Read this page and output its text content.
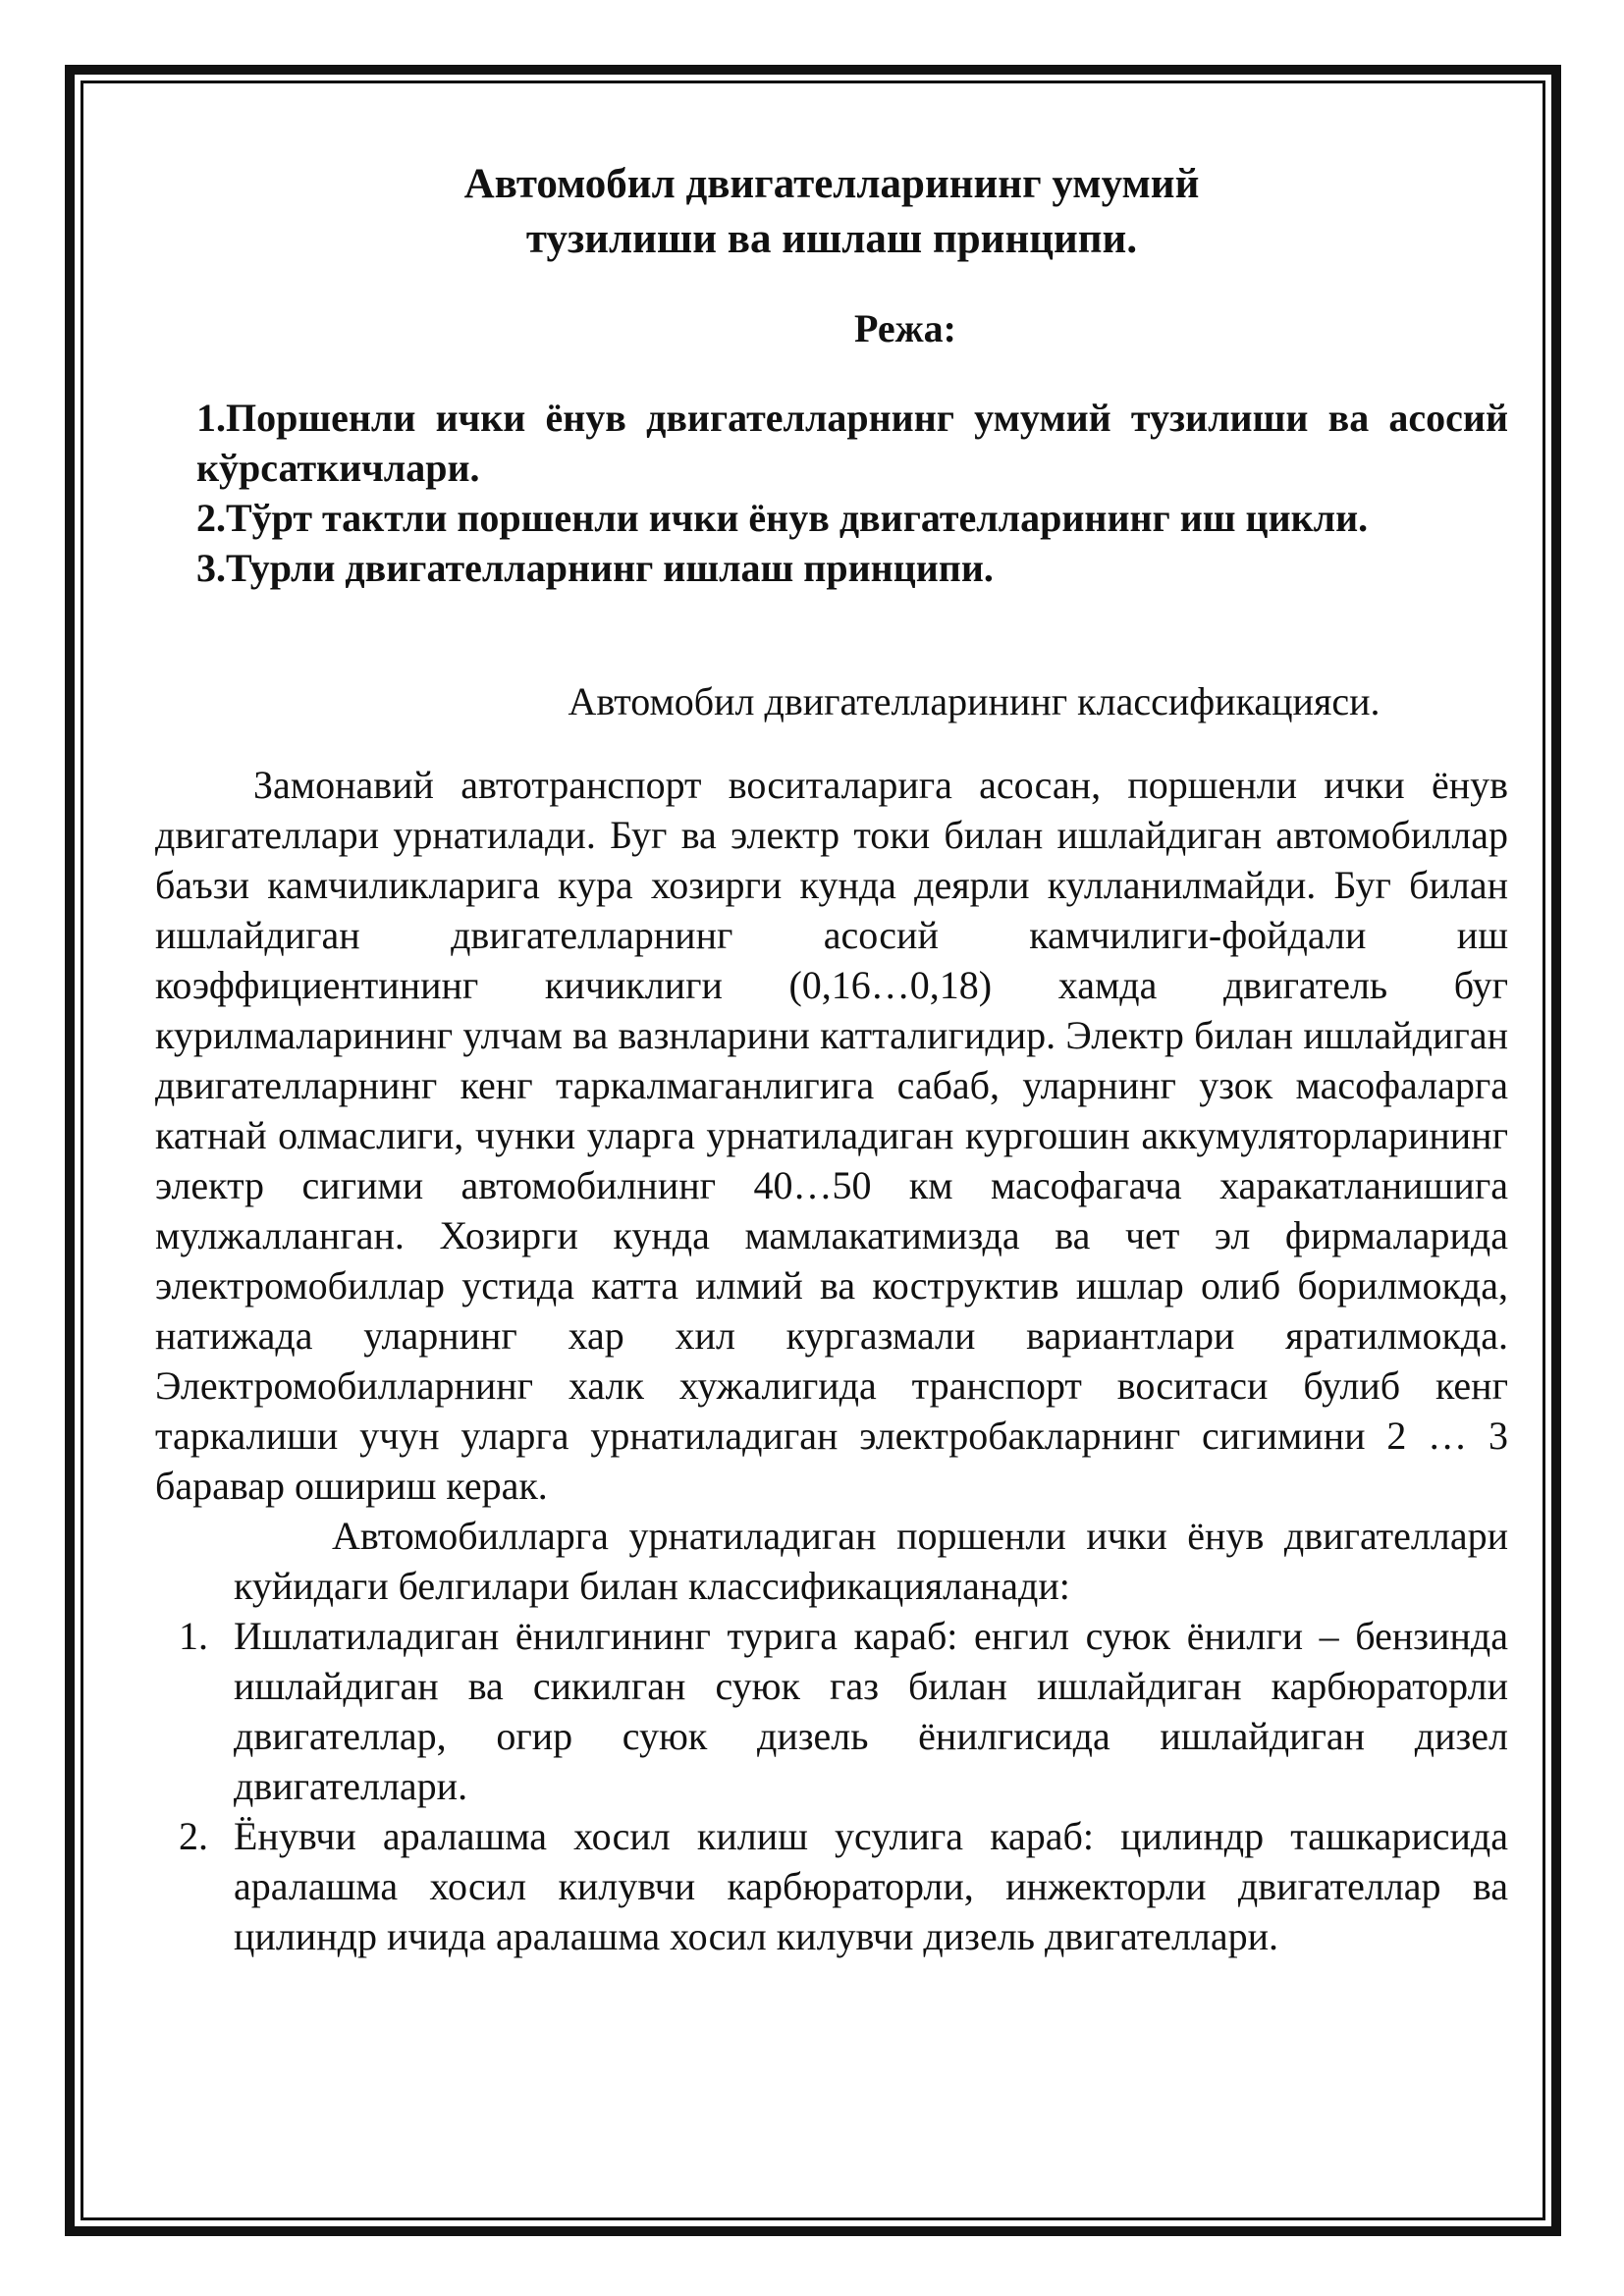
Автомобил двигателларининг умумий
тузилиши ва ишлаш принципи.
Режа:

1.Поршенли ички ёнув двигателларнинг умумий тузилиши ва асосий кўрсаткичлари.

2.Тўрт тактли поршенли ички ёнув двигателларининг иш цикли.

3.Турли двигателларнинг ишлаш принципи.

Автомобил двигателларининг классификацияси.

Замонавий автотранспорт воситаларига асосан, поршенли ички ёнув двигателлари урнатилади. Буг ва электр токи билан ишлайдиган автомобиллар баъзи камчиликларига кура хозирги кунда деярли кулланилмайди. Буг билан ишлайдиган двигателларнинг асосий камчилиги-фойдали иш коэффициентининг кичиклиги (0,16…0,18) хамда двигатель буг курилмаларининг улчам ва вазнларини катталигидир. Электр билан ишлайдиган двигателларнинг кенг таркалмаганлигига сабаб, уларнинг узок масофаларга катнай олмаслиги, чунки уларга урнатиладиган кургошин аккумуляторларининг электр сигими автомобилнинг 40…50 км масофагача харакатланишига мулжалланган. Хозирги кунда мамлакатимизда ва чет эл фирмаларида электромобиллар устида катта илмий ва коструктив ишлар олиб борилмокда, натижада уларнинг хар хил кургазмали вариантлари яратилмокда. Электромобилларнинг халк хужалигида транспорт воситаси булиб кенг таркалиши учун уларга урнатиладиган электробакларнинг сигимини 2 … 3 баравар ошириш керак.

Автомобилларга урнатиладиган поршенли ички ёнув двигателлари куйидаги белгилари билан классификацияланади:

1. Ишлатиладиган ёнилгининг турига караб: енгил суюк ёнилги – бензинда ишлайдиган ва сикилган суюк газ билан ишлайдиган карбюраторли двигателлар, огир суюк дизель ёнилгисида ишлайдиган дизел двигателлари.
2. Ёнувчи аралашма хосил килиш усулига караб: цилиндр ташкарисида аралашма хосил килувчи карбюраторли, инжекторли двигателлар ва цилиндр ичида аралашма хосил килувчи дизель двигателлари.
